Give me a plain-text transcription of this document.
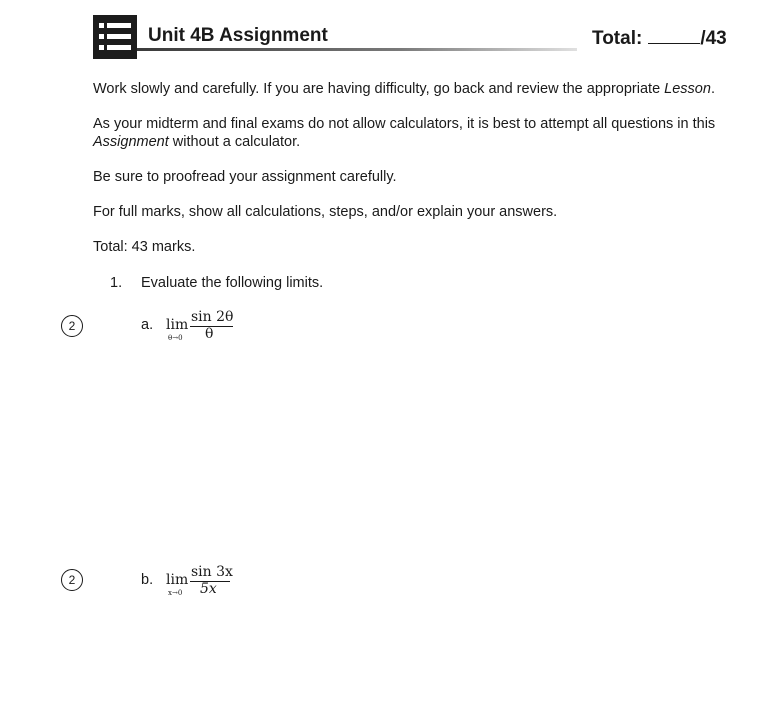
Unit 4B Assignment	Total:	/43
Work slowly and carefully. If you are having difficulty, go back and review the appropriate Lesson.
As your midterm and final exams do not allow calculators, it is best to attempt all questions in this Assignment without a calculator.
Be sure to proofread your assignment carefully.
For full marks, show all calculations, steps, and/or explain your answers.
Total: 43 marks.
1. Evaluate the following limits.
2	a. lim
θ→0
sin 2θ
θ
2	b. lim
x→0
sin 3x
5x
